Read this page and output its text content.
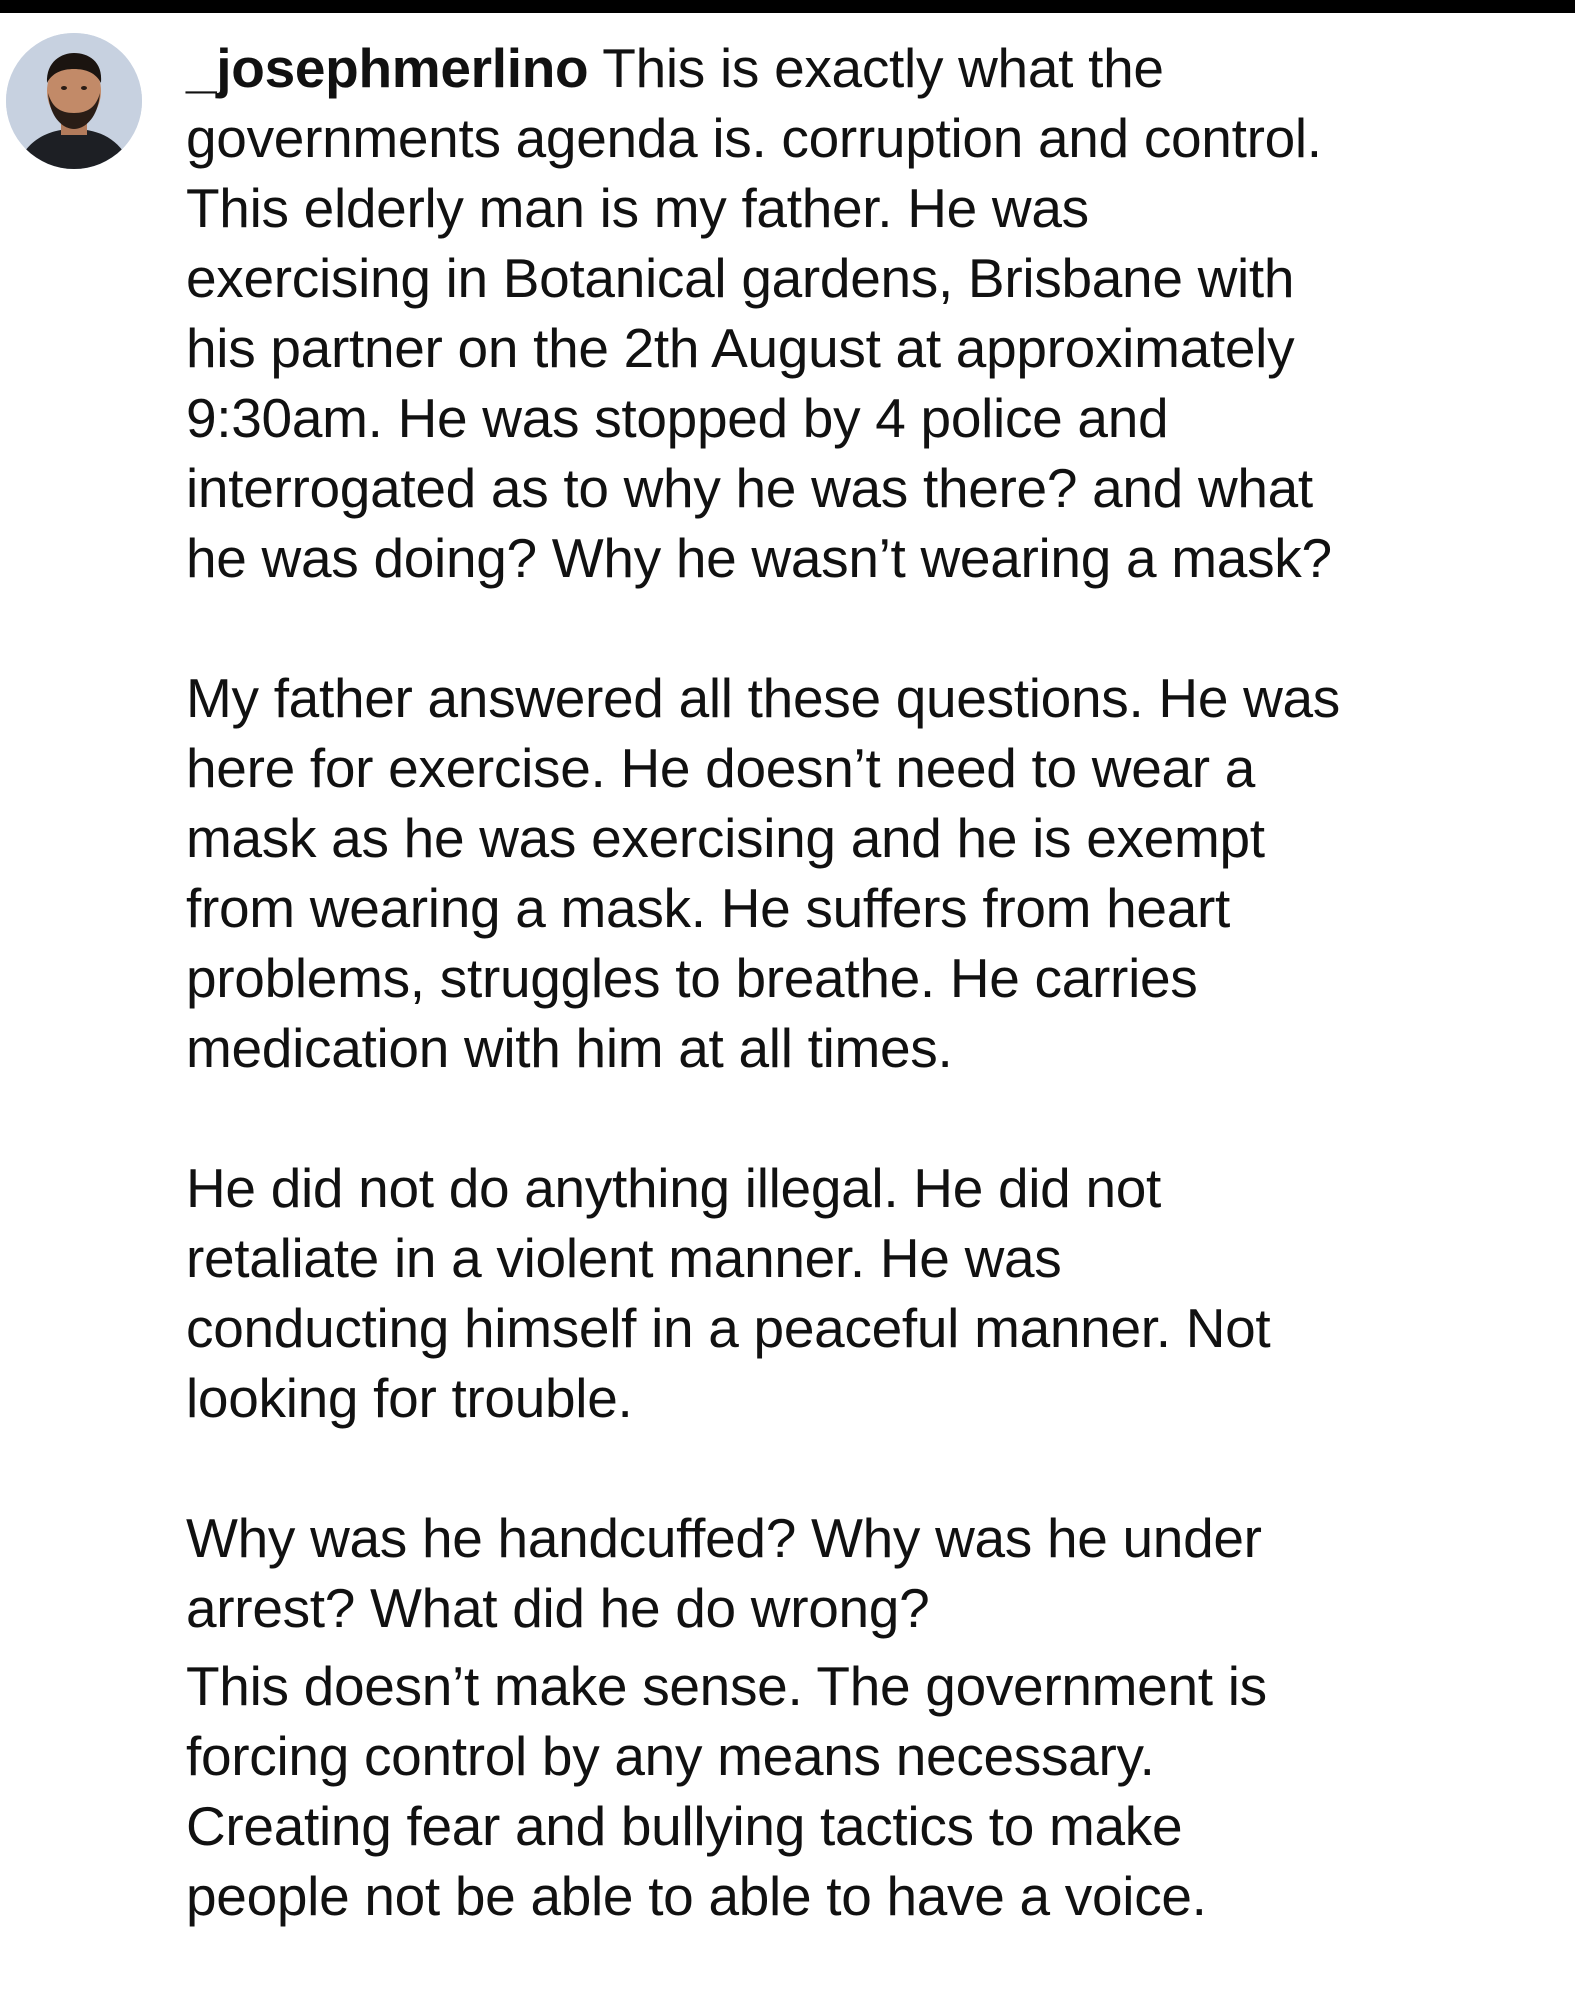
_josephmerlino This is exactly what the
governments agenda is. corruption and control.
This elderly man is my father. He was
exercising in Botanical gardens, Brisbane with
his partner on the 2th August at approximately
9:30am. He was stopped by 4 police and
interrogated as to why he was there? and what
he was doing? Why he wasn’t wearing a mask?

My father answered all these questions. He was
here for exercise. He doesn’t need to wear a
mask as he was exercising and he is exempt
from wearing a mask. He suffers from heart
problems, struggles to breathe. He carries
medication with him at all times.

He did not do anything illegal. He did not
retaliate in a violent manner. He was
conducting himself in a peaceful manner. Not
looking for trouble.

Why was he handcuffed? Why was he under
arrest? What did he do wrong?

This doesn’t make sense. The government is
forcing control by any means necessary.
Creating fear and bullying tactics to make
people not be able to able to have a voice.
